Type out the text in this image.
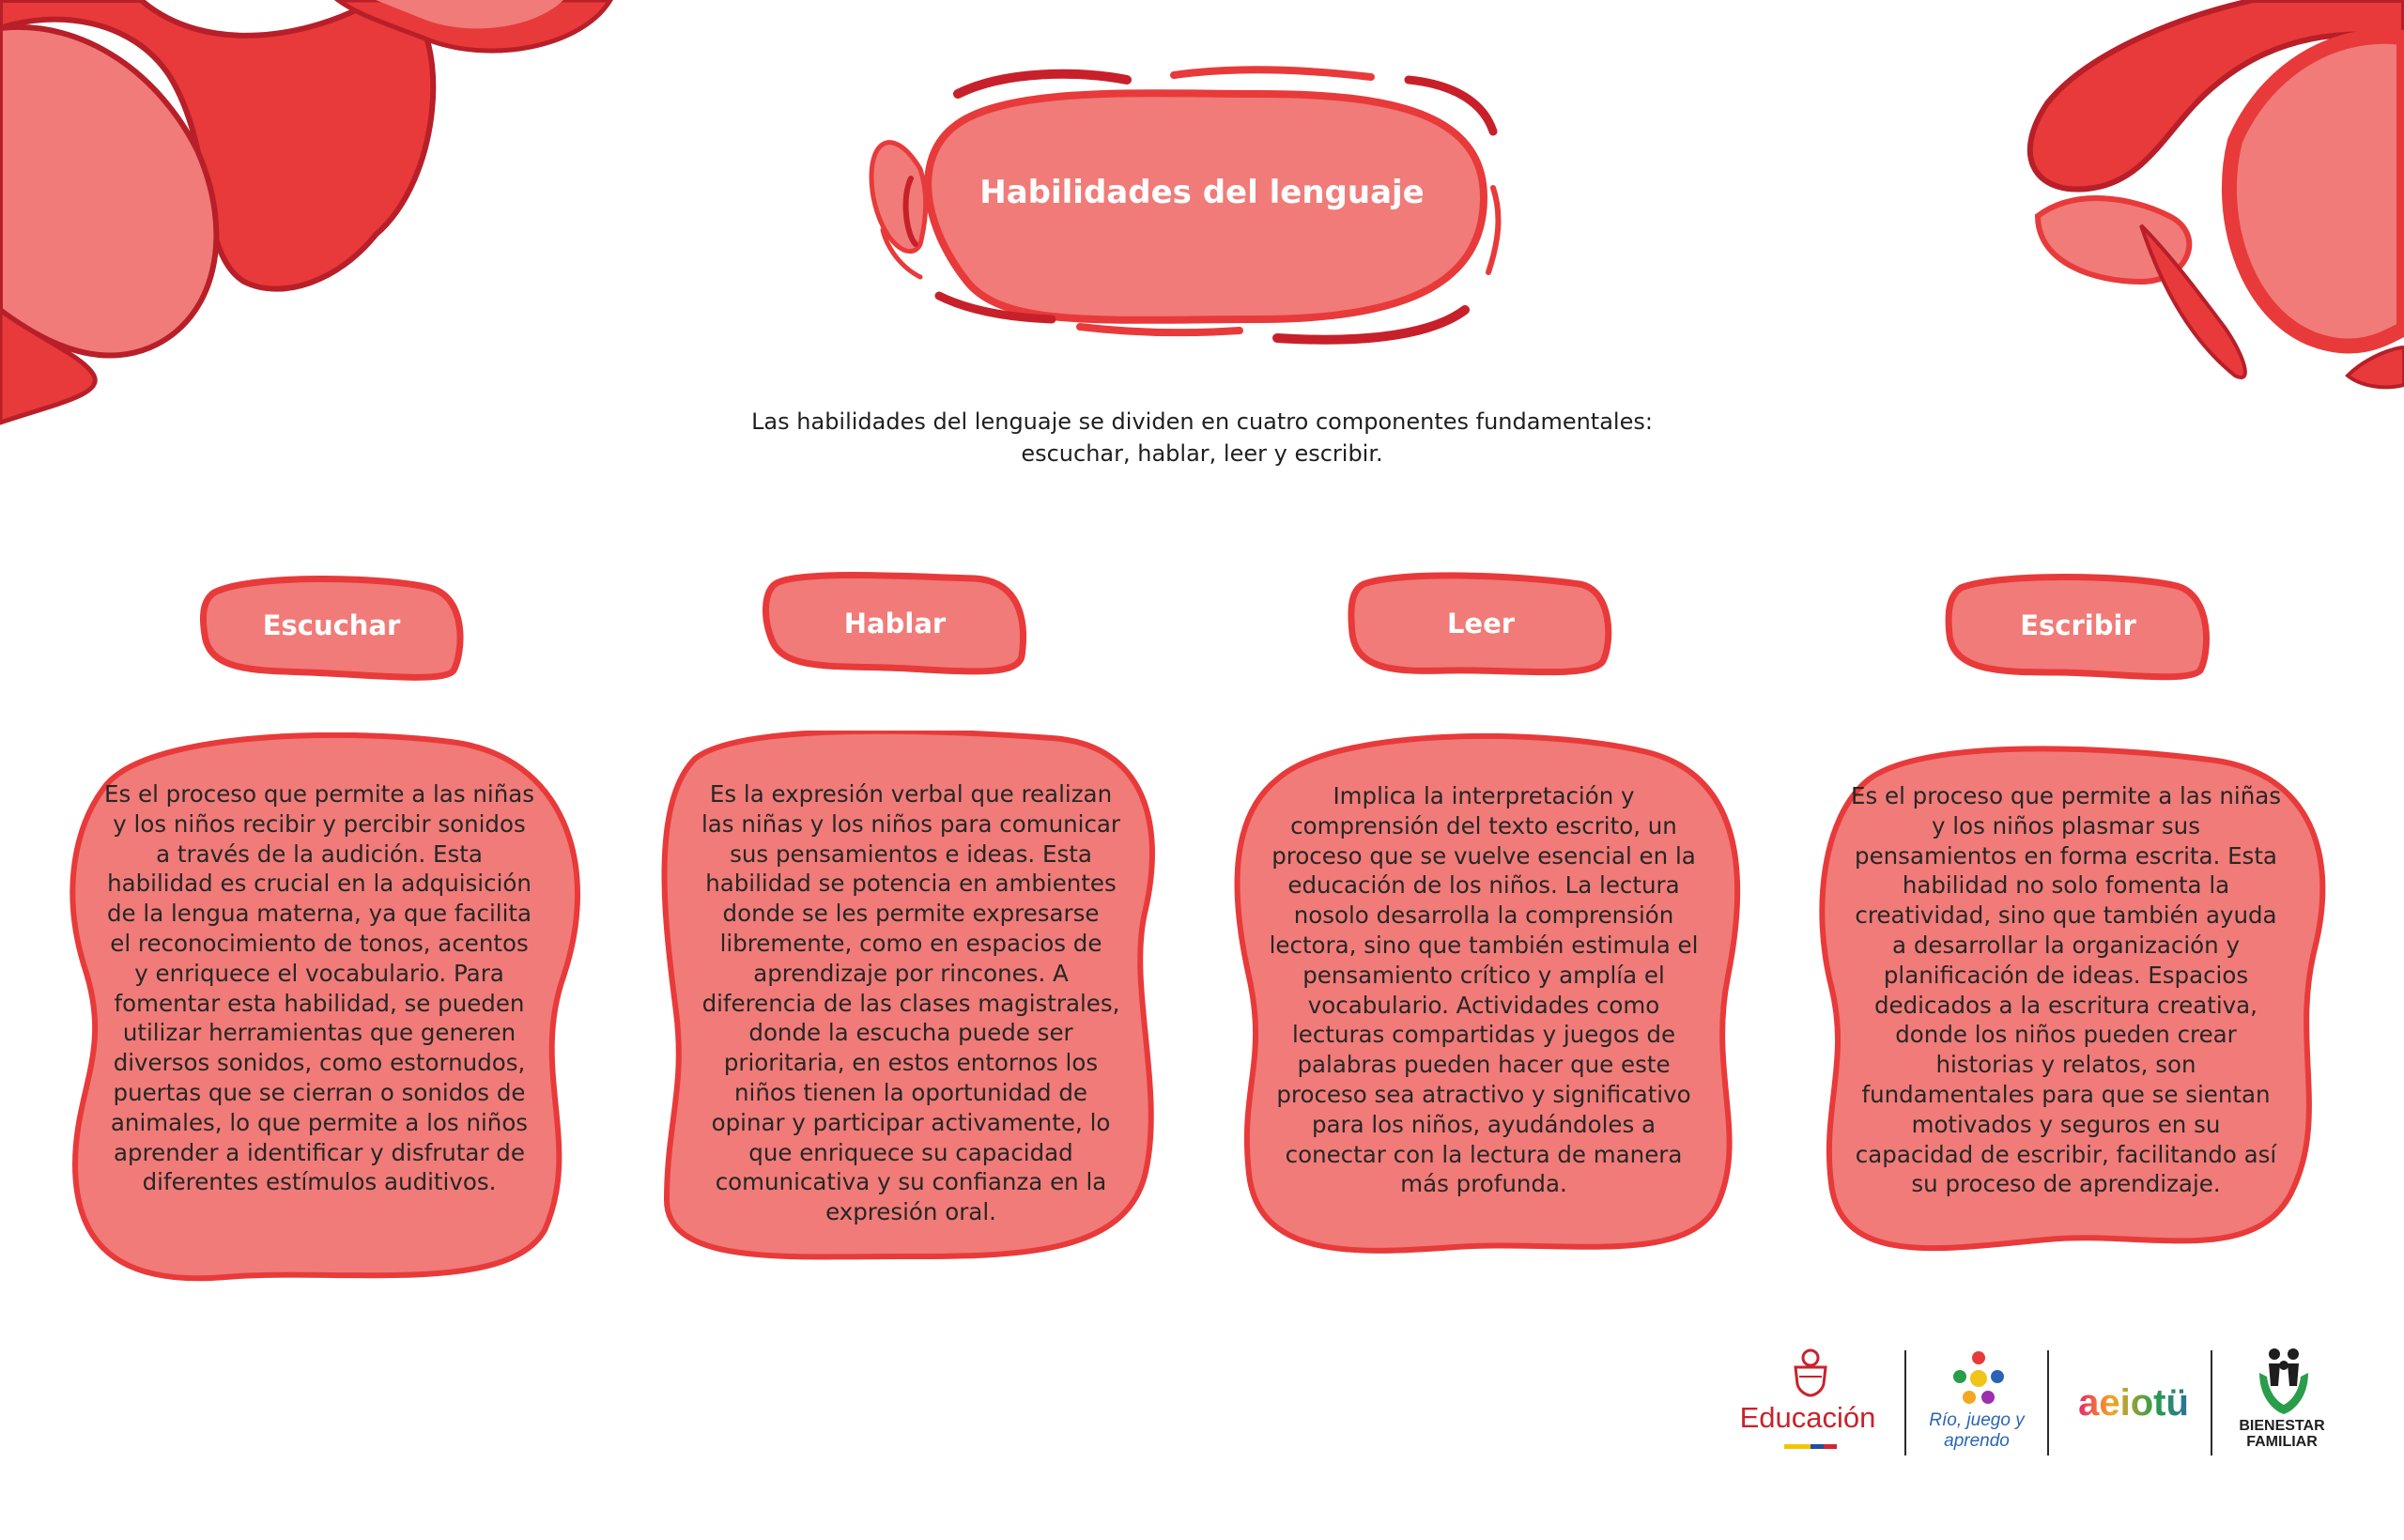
Habilidades del lenguaje
Las habilidades del lenguaje se dividen en cuatro componentes fundamentales: escuchar, hablar, leer y escribir.
Escuchar	Hablar	Leer	Escribir
Es el proceso que permite a las niñas y los niños recibir y percibir sonidos a través de la audición. Esta habilidad es crucial en la adquisición de la lengua materna, ya que facilita el reconocimiento de tonos, acentos y enriquece el vocabulario. Para fomentar esta habilidad, se pueden utilizar herramientas que generen diversos sonidos, como estornudos, puertas que se cierran o sonidos de animales, lo que permite a los niños aprender a identificar y disfrutar de diferentes estímulos auditivos.
Es la expresión verbal que realizan las niñas y los niños para comunicar sus pensamientos e ideas. Esta habilidad se potencia en ambientes donde se les permite expresarse libremente, como en espacios de aprendizaje por rincones. A diferencia de las clases magistrales, donde la escucha puede ser prioritaria, en estos entornos los niños tienen la oportunidad de opinar y participar activamente, lo que enriquece su capacidad comunicativa y su confianza en la expresión oral.
Implica la interpretación y comprensión del texto escrito, un proceso que se vuelve esencial en la educación de los niños. La lectura nosolo desarrolla la comprensión lectora, sino que también estimula el pensamiento crítico y amplía el vocabulario. Actividades como lecturas compartidas y juegos de palabras pueden hacer que este proceso sea atractivo y significativo para los niños, ayudándoles a conectar con la lectura de manera más profunda.
Es el proceso que permite a las niñas y los niños plasmar sus pensamientos en forma escrita. Esta habilidad no solo fomenta la creatividad, sino que también ayuda a desarrollar la organización y planificación de ideas. Espacios dedicados a la escritura creativa, donde los niños pueden crear historias y relatos, son fundamentales para que se sientan motivados y seguros en su capacidad de escribir, facilitando así su proceso de aprendizaje.
Educación	Río, juego y aprendo
aeiotü
BIENESTAR FAMILIAR
